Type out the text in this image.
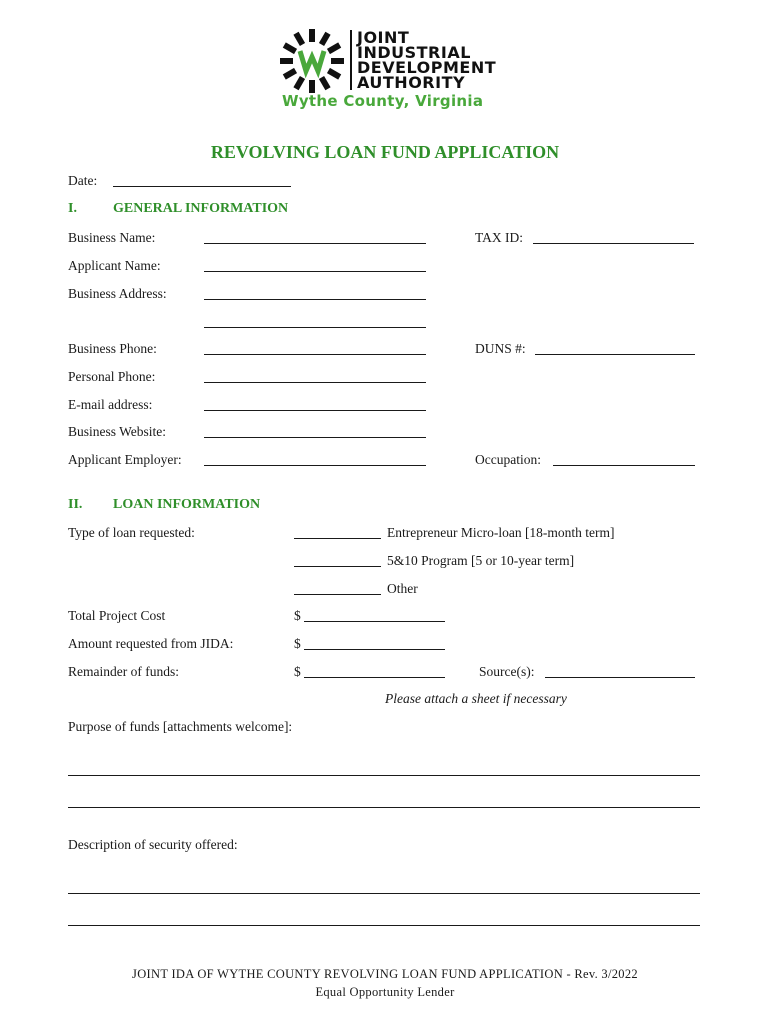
JOINT
INDUSTRIAL
DEVELOPMENT
AUTHORITY
Wythe County, Virginia
REVOLVING LOAN FUND APPLICATION
Date:
I.	GENERAL INFORMATION
Business Name:	TAX ID:
Applicant Name:
Business Address:
Business Phone:	DUNS #:
Personal Phone:
E-mail address:
Business Website:
Applicant Employer:	Occupation:
II. LOAN INFORMATION
Type of loan requested:	Entrepreneur Micro-loan [18-month term]
5&10 Program [5 or 10-year term]
Other
Total Project Cost	$
Amount requested from JIDA:	$
Remainder of funds:	$	Source(s):
Please attach a sheet if necessary
Purpose of funds [attachments welcome]:
Description of security offered:
JOINT IDA OF WYTHE COUNTY REVOLVING LOAN FUND APPLICATION - Rev. 3/2022
Equal Opportunity Lender
